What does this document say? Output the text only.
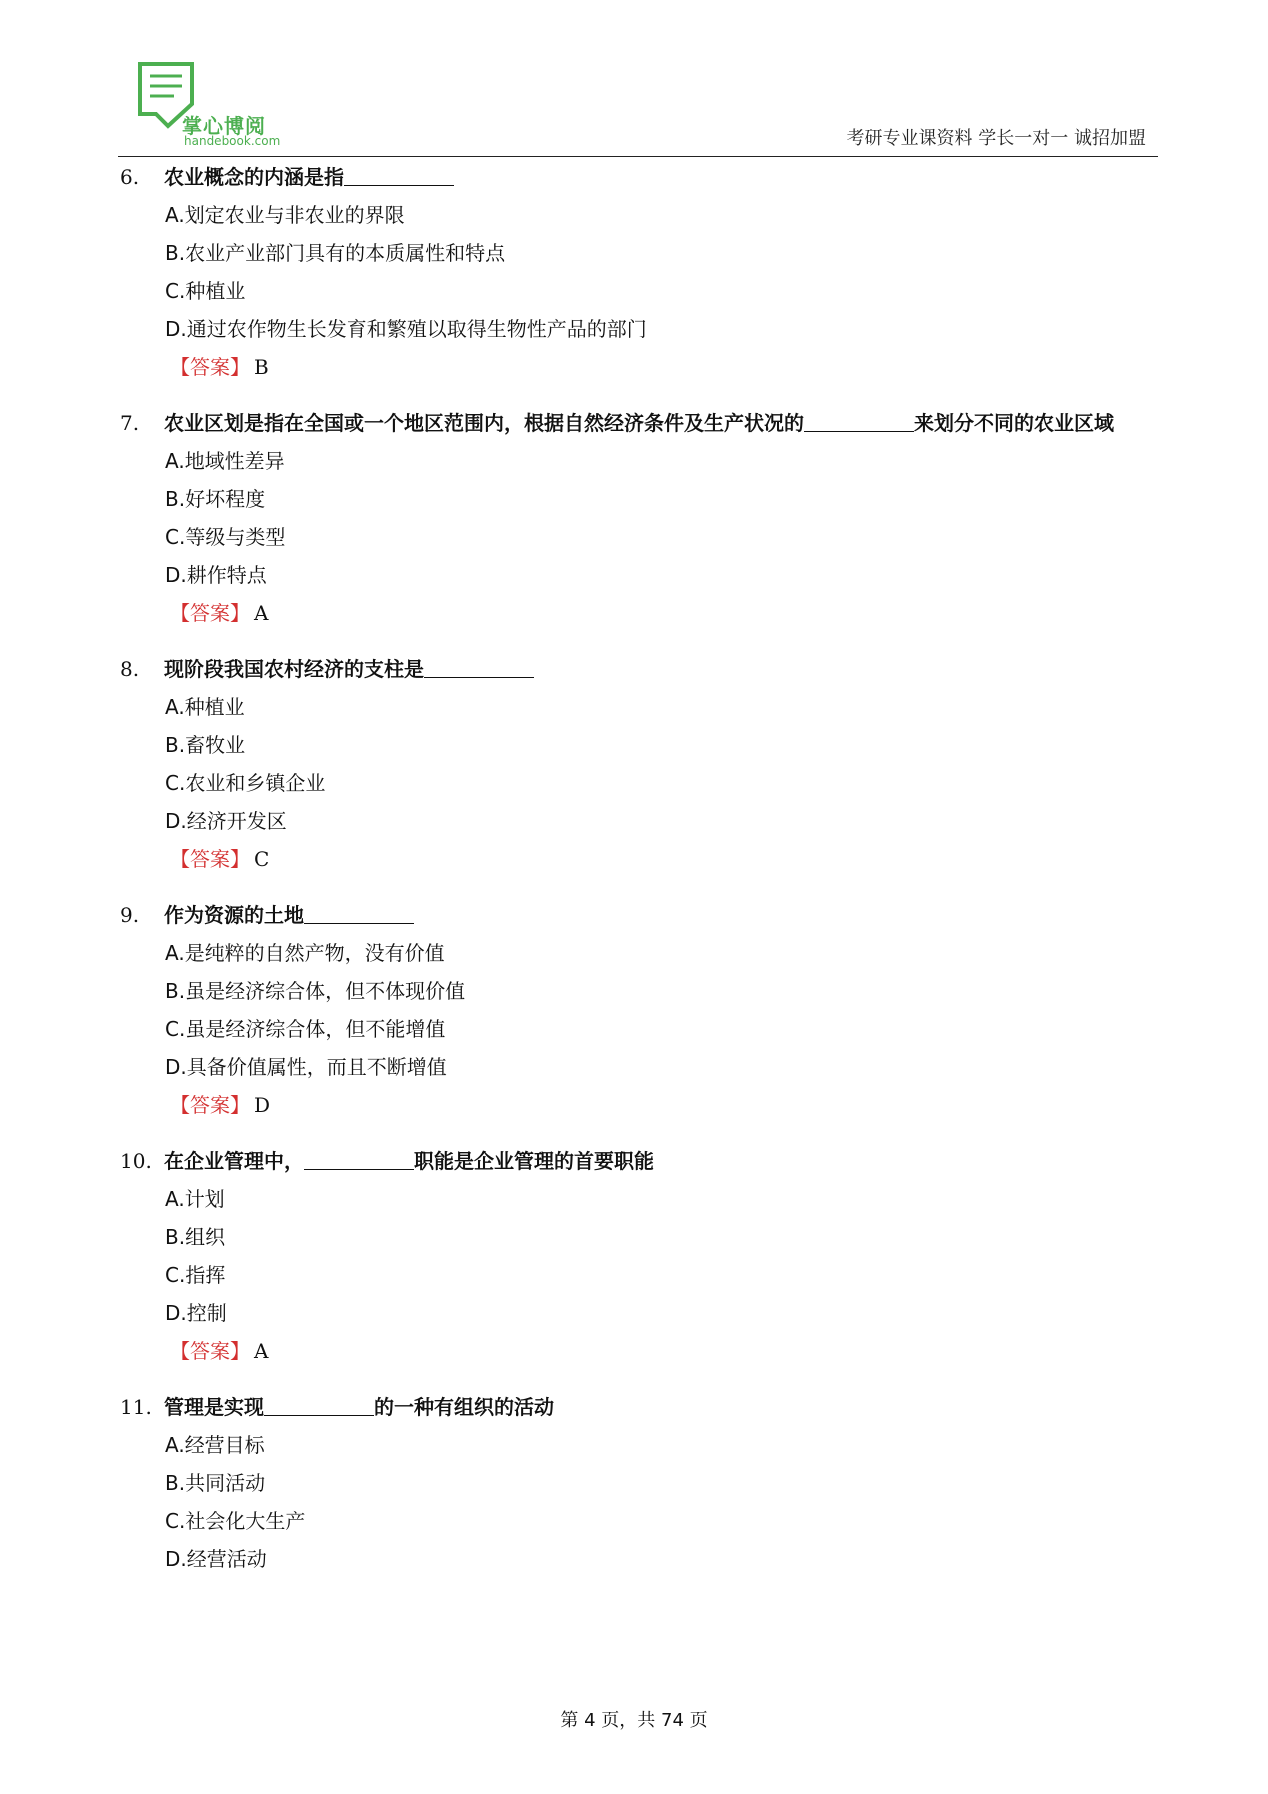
掌心博阅
handebook.com	考研专业课资料 学长一对一 诚招加盟
6. 农业概念的内涵是指
A.划定农业与非农业的界限
B.农业产业部门具有的本质属性和特点
C.种植业
D.通过农作物生长发育和繁殖以取得生物性产品的部门
【答案】 B
7. 农业区划是指在全国或一个地区范围内，根据自然经济条件及生产状况的	来划分不同的农业区域
A.地域性差异
B.好坏程度
C.等级与类型
D.耕作特点
【答案】 A
8. 现阶段我国农村经济的支柱是
A.种植业
B.畜牧业
C.农业和乡镇企业
D.经济开发区
【答案】 C
9. 作为资源的土地
A.是纯粹的自然产物，没有价值
B.虽是经济综合体，但不体现价值
C.虽是经济综合体，但不能增值
D.具备价值属性，而且不断增值
【答案】 D
10. 在企业管理中，	职能是企业管理的首要职能
A.计划
B.组织
C.指挥
D.控制
【答案】 A
11. 管理是实现	的一种有组织的活动
A.经营目标
B.共同活动
C.社会化大生产
D.经营活动
第 4 页，共 74 页
